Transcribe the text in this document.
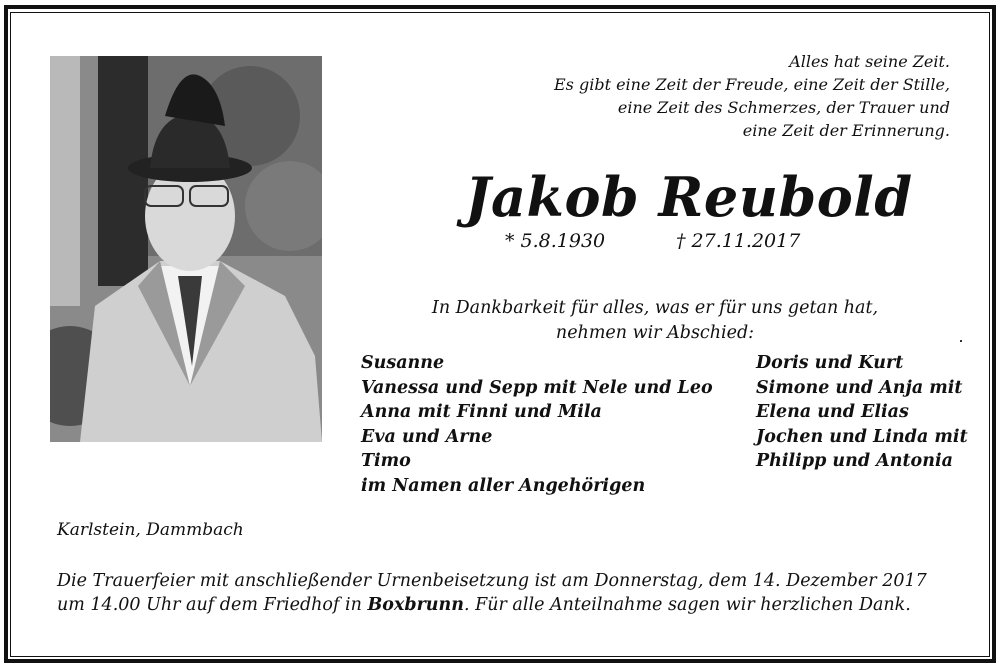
Alles hat seine Zeit.
Es gibt eine Zeit der Freude, eine Zeit der Stille,
eine Zeit des Schmerzes, der Trauer und
eine Zeit der Erinnerung.
Jakob Reubold
* 5.8.1930	† 27.11.2017
In Dankbarkeit für alles, was er für uns getan hat,
nehmen wir Abschied:
Susanne
Vanessa und Sepp mit Nele und Leo
Anna mit Finni und Mila
Eva und Arne
Timo
im Namen aller Angehörigen
Doris und Kurt
Simone und Anja mit
Elena und Elias
Jochen und Linda mit
Philipp und Antonia
Karlstein, Dammbach
Die Trauerfeier mit anschließender Urnenbeisetzung ist am Donnerstag, dem 14. Dezember 2017 um 14.00 Uhr auf dem Friedhof in Boxbrunn. Für alle Anteilnahme sagen wir herzlichen Dank.
